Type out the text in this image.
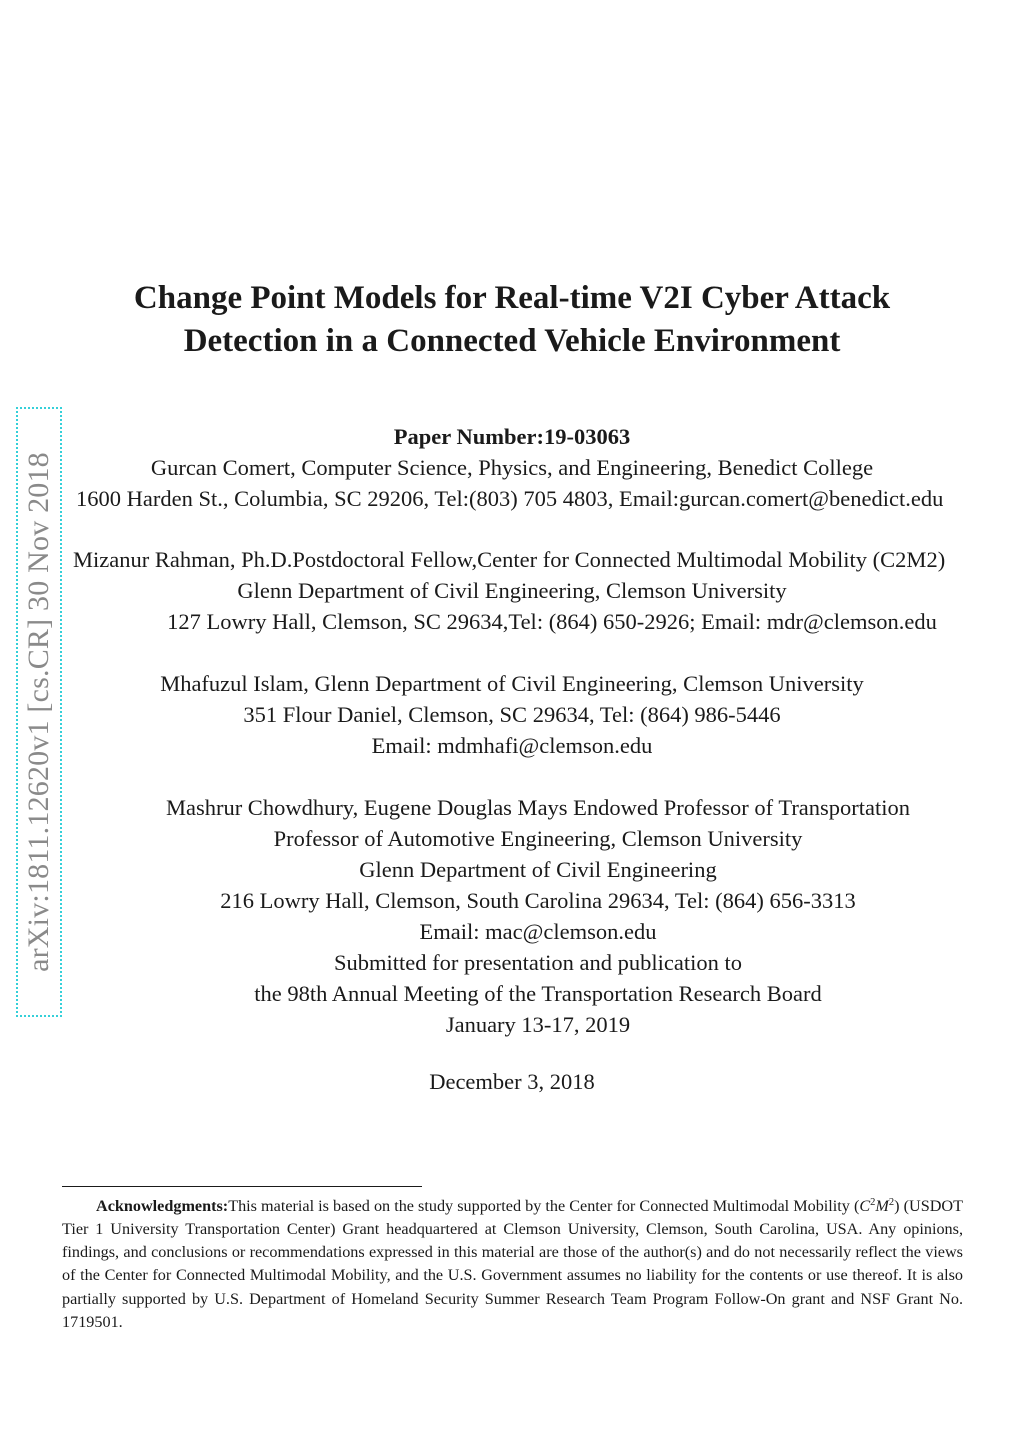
arXiv:1811.12620v1 [cs.CR] 30 Nov 2018
Change Point Models for Real-time V2I Cyber Attack
Detection in a Connected Vehicle Environment
Paper Number:19-03063
Gurcan Comert, Computer Science, Physics, and Engineering, Benedict College
1600 Harden St., Columbia, SC 29206, Tel:(803) 705 4803, Email:gurcan.comert@benedict.edu
Mizanur Rahman, Ph.D.Postdoctoral Fellow,Center for Connected Multimodal Mobility (C2M2)
Glenn Department of Civil Engineering, Clemson University
127 Lowry Hall, Clemson, SC 29634,Tel: (864) 650-2926; Email: mdr@clemson.edu
Mhafuzul Islam, Glenn Department of Civil Engineering, Clemson University
351 Flour Daniel, Clemson, SC 29634, Tel: (864) 986-5446
Email: mdmhafi@clemson.edu
Mashrur Chowdhury, Eugene Douglas Mays Endowed Professor of Transportation
Professor of Automotive Engineering, Clemson University
Glenn Department of Civil Engineering
216 Lowry Hall, Clemson, South Carolina 29634, Tel: (864) 656-3313
Email: mac@clemson.edu
Submitted for presentation and publication to
the 98th Annual Meeting of the Transportation Research Board
January 13-17, 2019
December 3, 2018

Acknowledgments:This material is based on the study supported by the Center for Connected Multimodal Mobility $(C^2M^2)$ (USDOT Tier 1 University Transportation Center) Grant headquartered at Clemson University, Clemson, South Carolina, USA. Any opinions, findings, and conclusions or recommendations expressed in this material are those of the author(s) and do not necessarily reflect the views of the Center for Connected Multimodal Mobility, and the U.S. Government assumes no liability for the contents or use thereof. It is also partially supported by U.S. Department of Homeland Security Summer Research Team Program Follow-On grant and NSF Grant No. 1719501.
